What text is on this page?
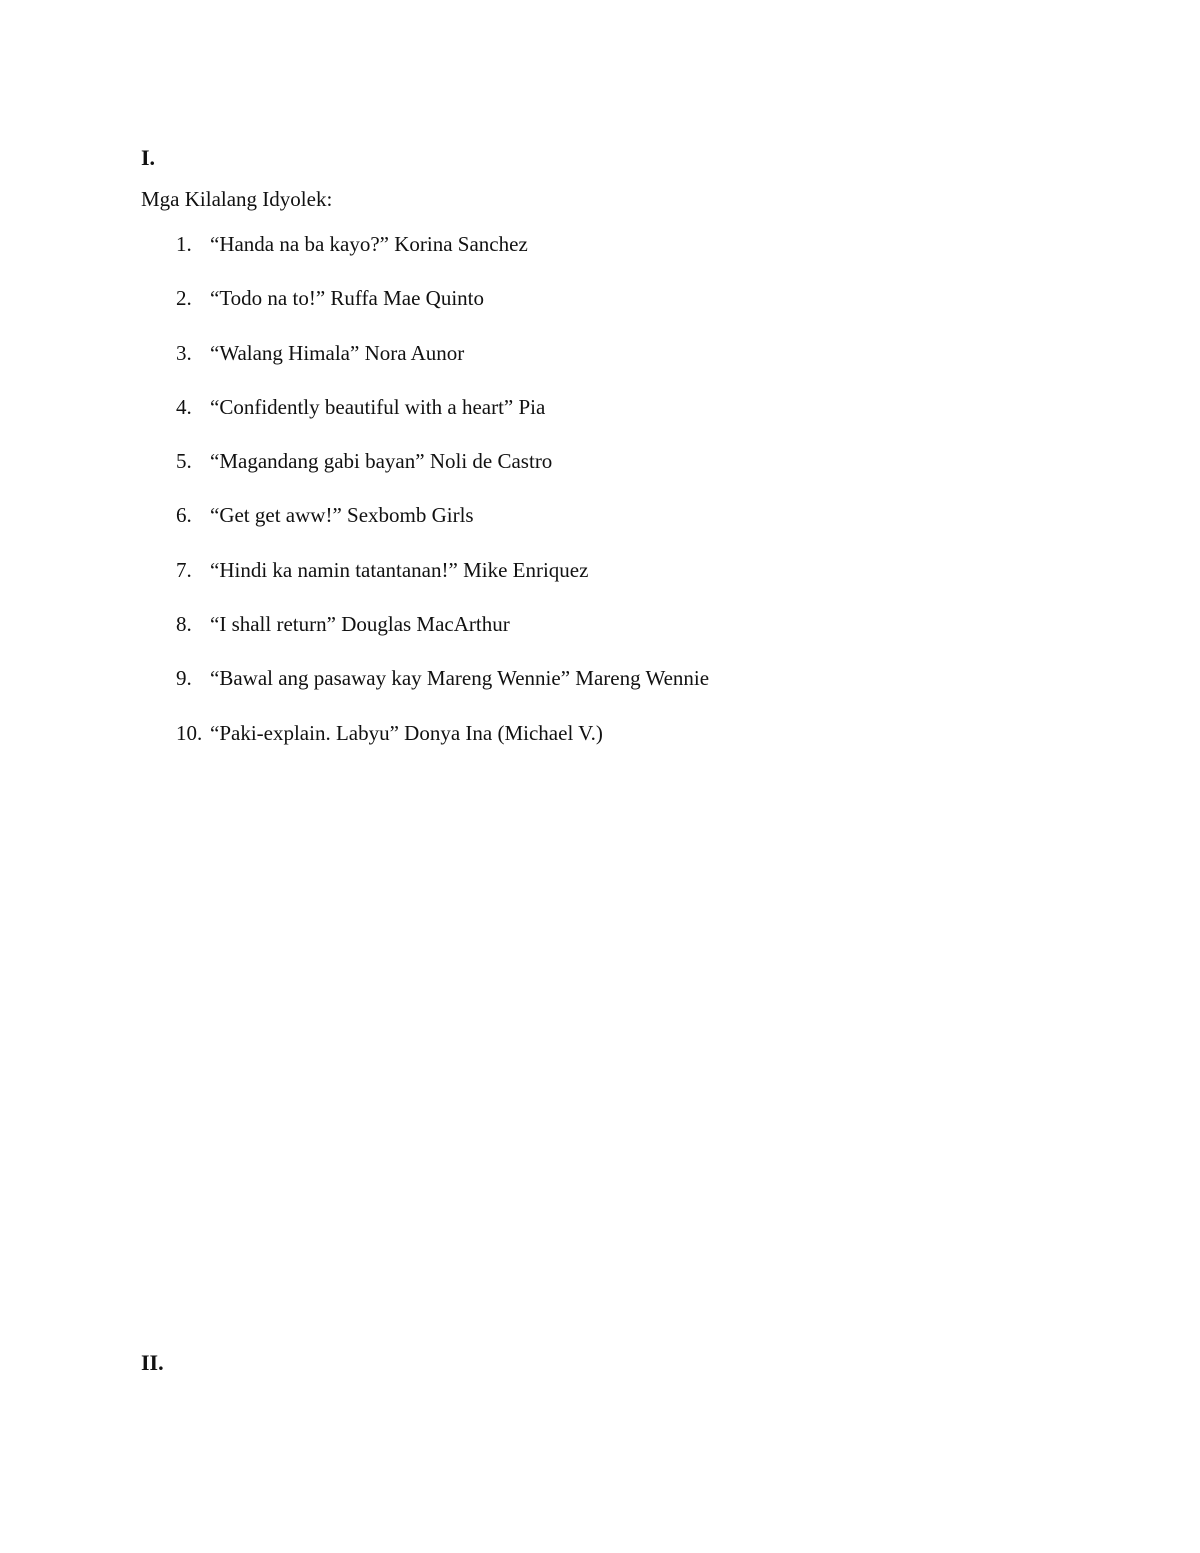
I.

Mga Kilalang Idyolek:

1. “Handa na ba kayo?” Korina Sanchez
2. “Todo na to!” Ruffa Mae Quinto
3. “Walang Himala” Nora Aunor
4. “Confidently beautiful with a heart” Pia
5. “Magandang gabi bayan” Noli de Castro
6. “Get get aww!” Sexbomb Girls
7. “Hindi ka namin tatantanan!” Mike Enriquez
8. “I shall return” Douglas MacArthur
9. “Bawal ang pasaway kay Mareng Wennie” Mareng Wennie
10. “Paki-explain. Labyu” Donya Ina (Michael V.)
II.
